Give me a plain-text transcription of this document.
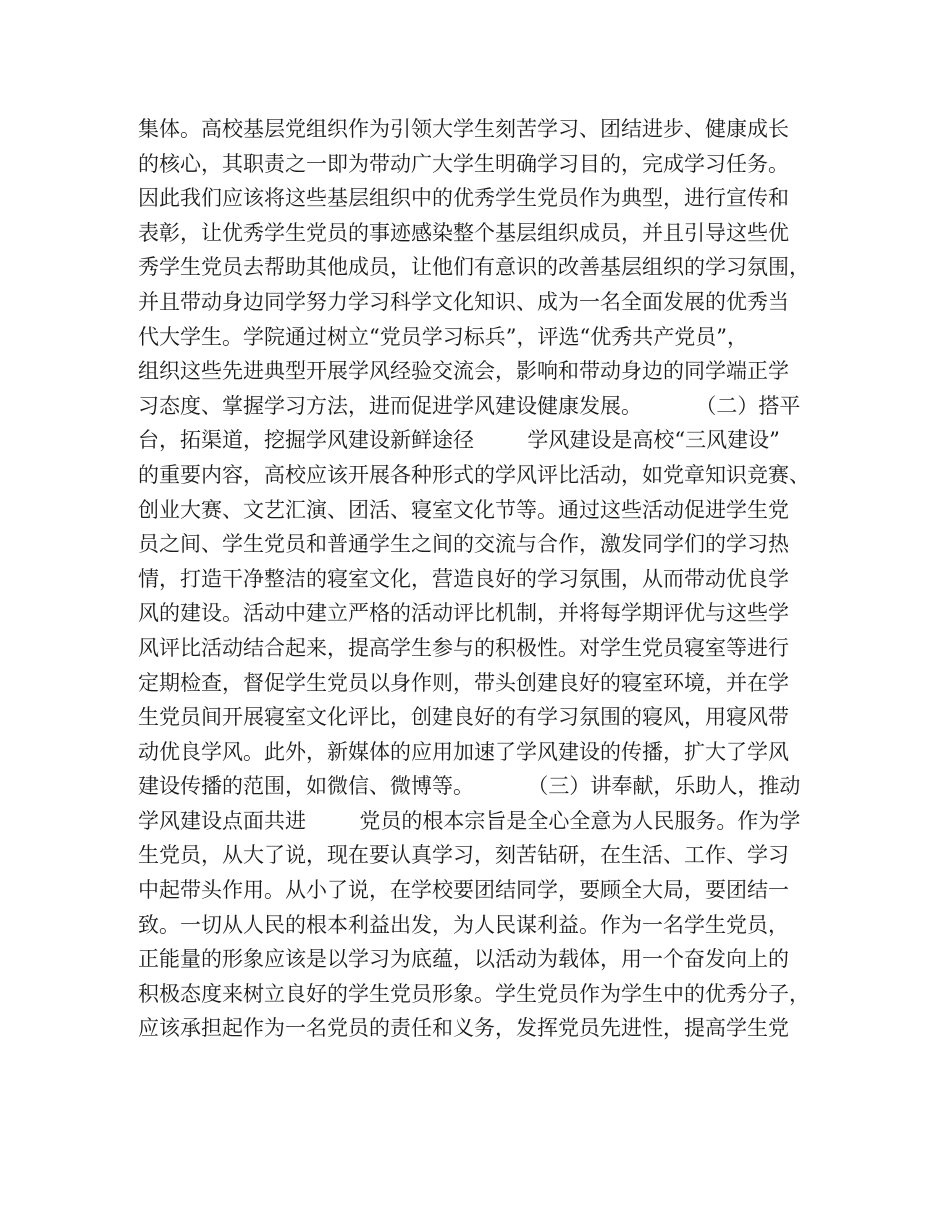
集体。高校基层党组织作为引领大学生刻苦学习、团结进步、健康成长
的核心，其职责之一即为带动广大学生明确学习目的，完成学习任务。
因此我们应该将这些基层组织中的优秀学生党员作为典型，进行宣传和
表彰，让优秀学生党员的事迹感染整个基层组织成员，并且引导这些优
秀学生党员去帮助其他成员，让他们有意识的改善基层组织的学习氛围，
并且带动身边同学努力学习科学文化知识、成为一名全面发展的优秀当
代大学生。学院通过树立“党员学习标兵”，评选“优秀共产党员”，
组织这些先进典型开展学风经验交流会，影响和带动身边的同学端正学
习态度、掌握学习方法，进而促进学风建设健康发展。        （二）搭平
台，拓渠道，挖掘学风建设新鲜途径        学风建设是高校“三风建设”
的重要内容，高校应该开展各种形式的学风评比活动，如党章知识竞赛、
创业大赛、文艺汇演、团活、寝室文化节等。通过这些活动促进学生党
员之间、学生党员和普通学生之间的交流与合作，激发同学们的学习热
情，打造干净整洁的寝室文化，营造良好的学习氛围，从而带动优良学
风的建设。活动中建立严格的活动评比机制，并将每学期评优与这些学
风评比活动结合起来，提高学生参与的积极性。对学生党员寝室等进行
定期检查，督促学生党员以身作则，带头创建良好的寝室环境，并在学
生党员间开展寝室文化评比，创建良好的有学习氛围的寝风，用寝风带
动优良学风。此外，新媒体的应用加速了学风建设的传播，扩大了学风
建设传播的范围，如微信、微博等。        （三）讲奉献，乐助人，推动
学风建设点面共进        党员的根本宗旨是全心全意为人民服务。作为学
生党员，从大了说，现在要认真学习，刻苦钻研，在生活、工作、学习
中起带头作用。从小了说，在学校要团结同学，要顾全大局，要团结一
致。一切从人民的根本利益出发，为人民谋利益。作为一名学生党员，
正能量的形象应该是以学习为底蕴，以活动为载体，用一个奋发向上的
积极态度来树立良好的学生党员形象。学生党员作为学生中的优秀分子，
应该承担起作为一名党员的责任和义务，发挥党员先进性，提高学生党
